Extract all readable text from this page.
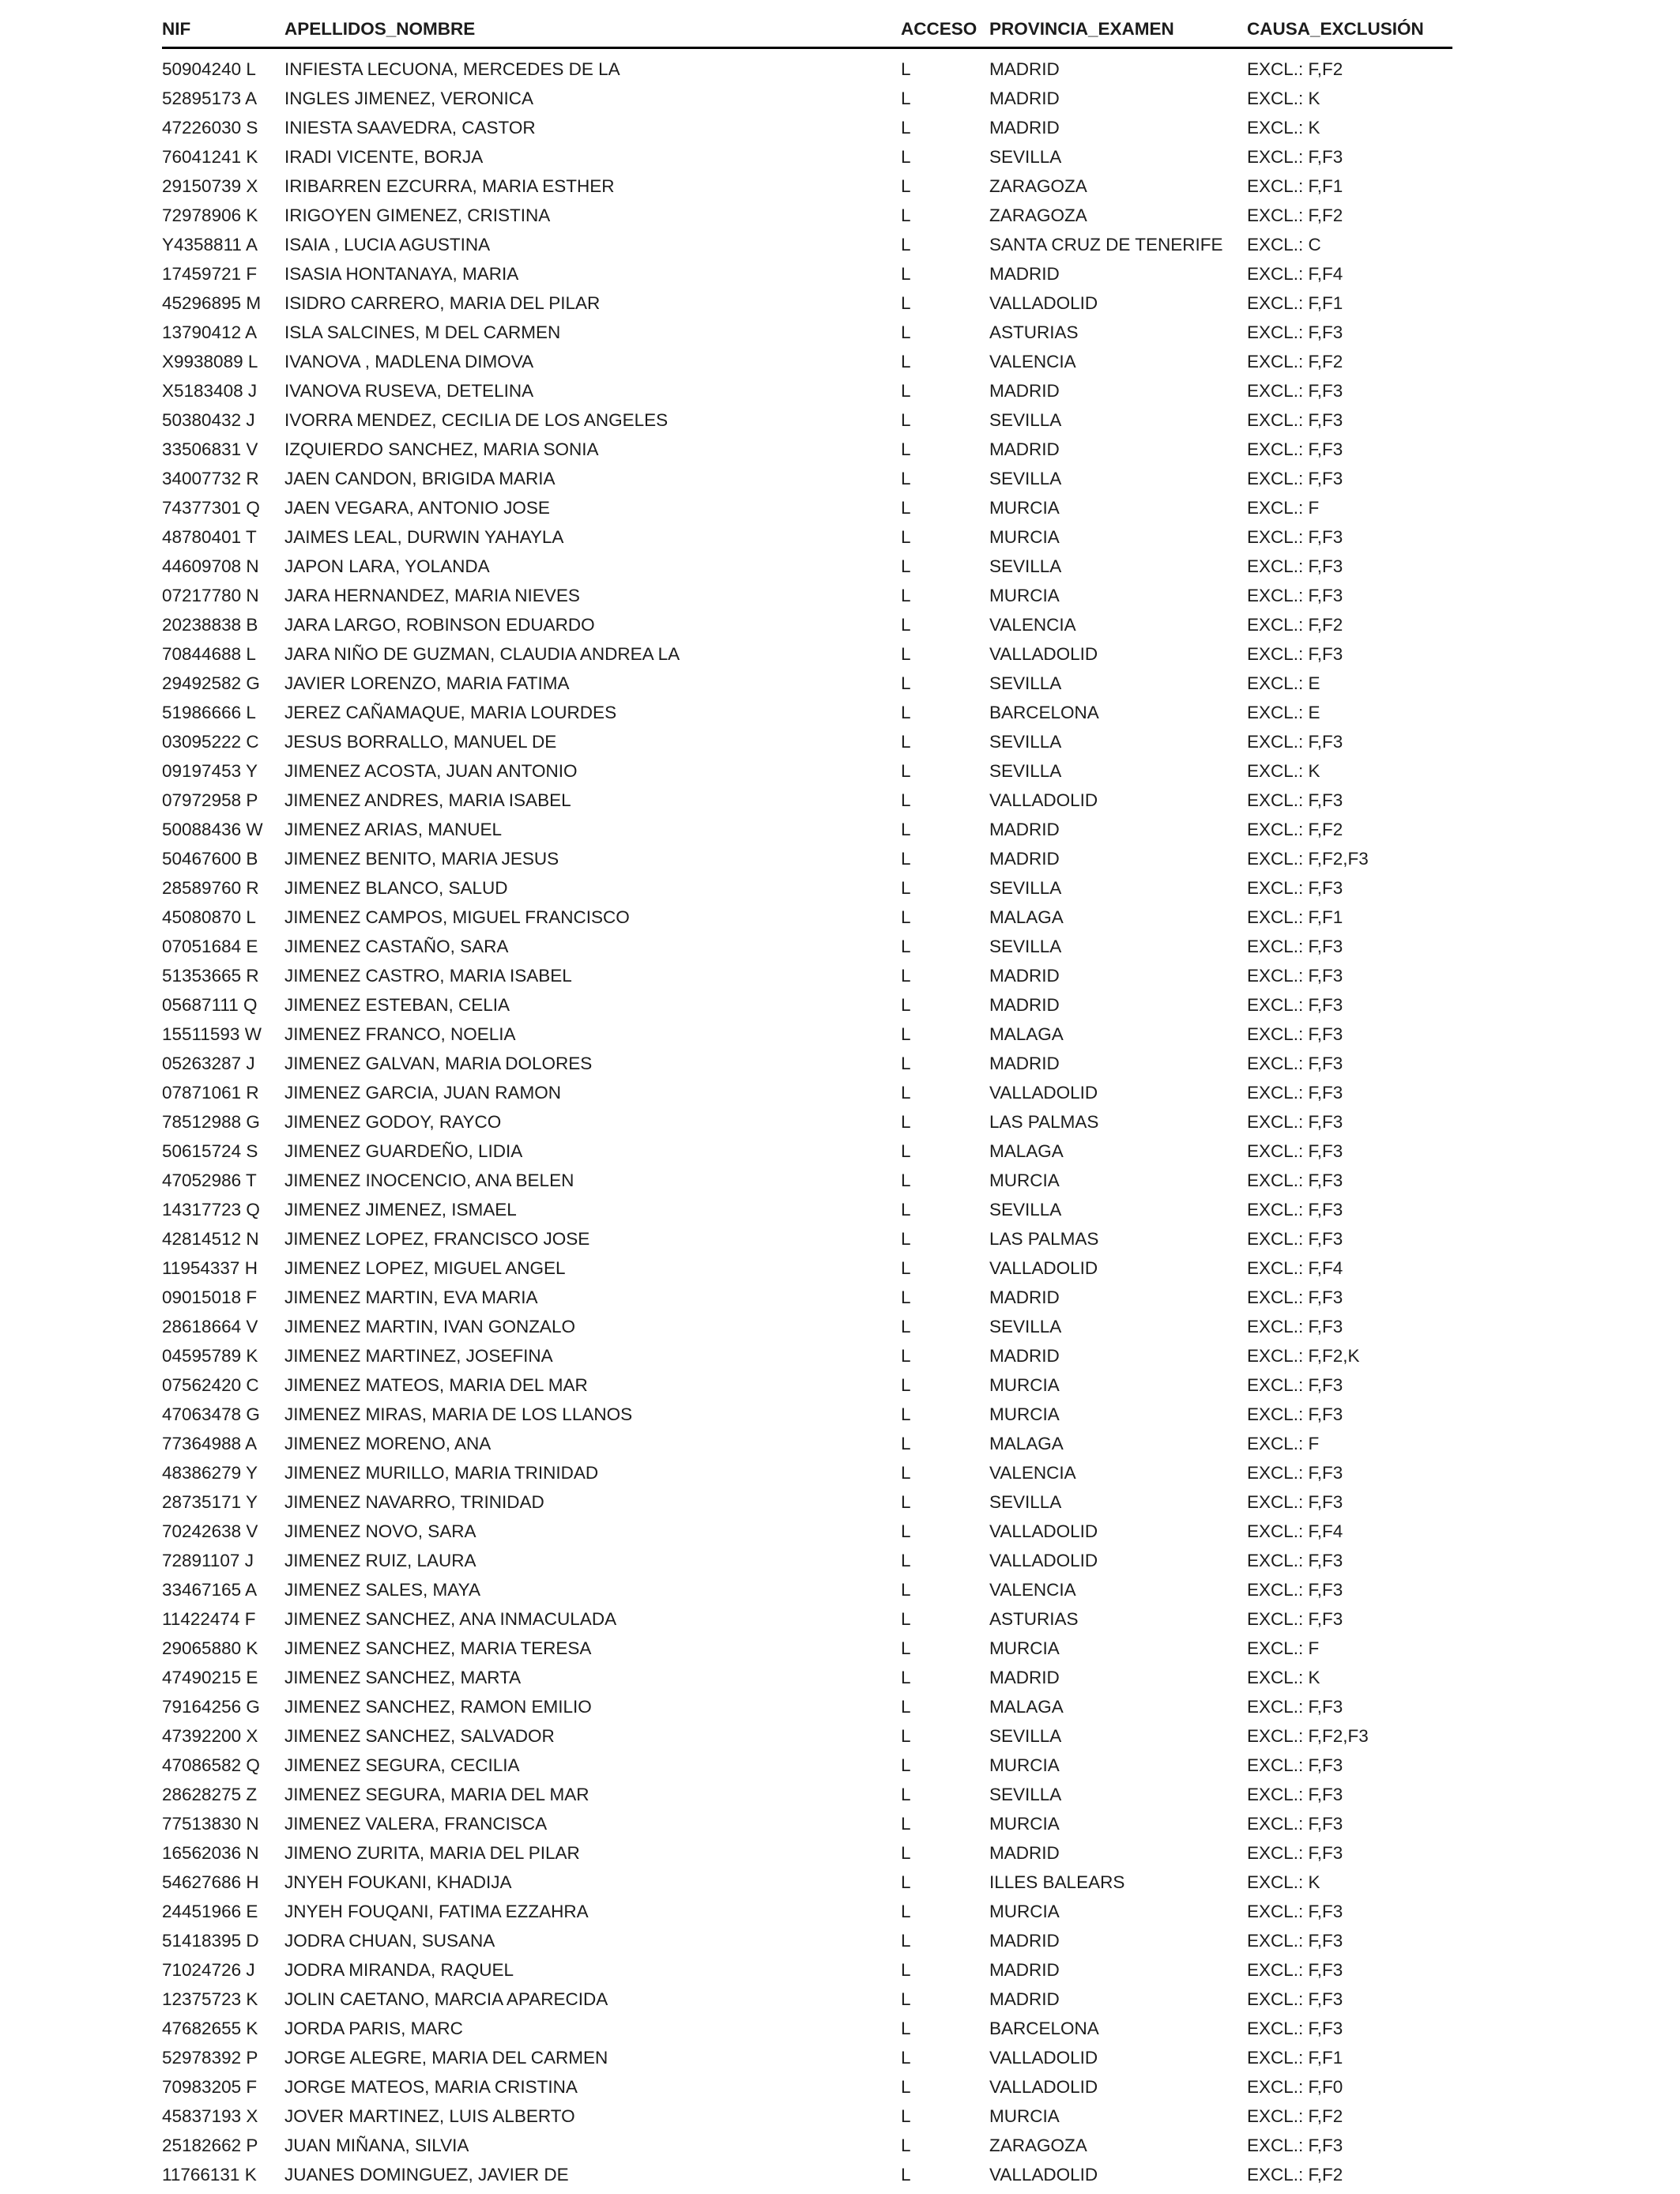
NIF	APELLIDOS_NOMBRE	ACCESO	PROVINCIA_EXAMEN	CAUSA_EXCLUSIÓN
50904240 L	INFIESTA LECUONA, MERCEDES DE LA	L	MADRID	EXCL.: F,F2
52895173 A	INGLES JIMENEZ, VERONICA	L	MADRID	EXCL.: K
47226030 S	INIESTA SAAVEDRA, CASTOR	L	MADRID	EXCL.: K
76041241 K	IRADI VICENTE, BORJA	L	SEVILLA	EXCL.: F,F3
29150739 X	IRIBARREN EZCURRA, MARIA ESTHER	L	ZARAGOZA	EXCL.: F,F1
72978906 K	IRIGOYEN GIMENEZ, CRISTINA	L	ZARAGOZA	EXCL.: F,F2
Y4358811 A	ISAIA , LUCIA AGUSTINA	L	SANTA CRUZ DE TENERIFE	EXCL.: C
17459721 F	ISASIA HONTANAYA, MARIA	L	MADRID	EXCL.: F,F4
45296895 M	ISIDRO CARRERO, MARIA DEL PILAR	L	VALLADOLID	EXCL.: F,F1
13790412 A	ISLA SALCINES, M DEL CARMEN	L	ASTURIAS	EXCL.: F,F3
X9938089 L	IVANOVA , MADLENA DIMOVA	L	VALENCIA	EXCL.: F,F2
X5183408 J	IVANOVA RUSEVA, DETELINA	L	MADRID	EXCL.: F,F3
50380432 J	IVORRA MENDEZ, CECILIA DE LOS ANGELES	L	SEVILLA	EXCL.: F,F3
33506831 V	IZQUIERDO SANCHEZ, MARIA SONIA	L	MADRID	EXCL.: F,F3
34007732 R	JAEN CANDON, BRIGIDA MARIA	L	SEVILLA	EXCL.: F,F3
74377301 Q	JAEN VEGARA, ANTONIO JOSE	L	MURCIA	EXCL.: F
48780401 T	JAIMES LEAL, DURWIN YAHAYLA	L	MURCIA	EXCL.: F,F3
44609708 N	JAPON LARA, YOLANDA	L	SEVILLA	EXCL.: F,F3
07217780 N	JARA HERNANDEZ, MARIA NIEVES	L	MURCIA	EXCL.: F,F3
20238838 B	JARA LARGO, ROBINSON EDUARDO	L	VALENCIA	EXCL.: F,F2
70844688 L	JARA NIÑO DE GUZMAN, CLAUDIA ANDREA LA	L	VALLADOLID	EXCL.: F,F3
29492582 G	JAVIER LORENZO, MARIA FATIMA	L	SEVILLA	EXCL.: E
51986666 L	JEREZ CAÑAMAQUE, MARIA LOURDES	L	BARCELONA	EXCL.: E
03095222 C	JESUS BORRALLO, MANUEL DE	L	SEVILLA	EXCL.: F,F3
09197453 Y	JIMENEZ ACOSTA, JUAN ANTONIO	L	SEVILLA	EXCL.: K
07972958 P	JIMENEZ ANDRES, MARIA ISABEL	L	VALLADOLID	EXCL.: F,F3
50088436 W	JIMENEZ ARIAS, MANUEL	L	MADRID	EXCL.: F,F2
50467600 B	JIMENEZ BENITO, MARIA JESUS	L	MADRID	EXCL.: F,F2,F3
28589760 R	JIMENEZ BLANCO, SALUD	L	SEVILLA	EXCL.: F,F3
45080870 L	JIMENEZ CAMPOS, MIGUEL FRANCISCO	L	MALAGA	EXCL.: F,F1
07051684 E	JIMENEZ CASTAÑO, SARA	L	SEVILLA	EXCL.: F,F3
51353665 R	JIMENEZ CASTRO, MARIA ISABEL	L	MADRID	EXCL.: F,F3
05687111 Q	JIMENEZ ESTEBAN, CELIA	L	MADRID	EXCL.: F,F3
15511593 W	JIMENEZ FRANCO, NOELIA	L	MALAGA	EXCL.: F,F3
05263287 J	JIMENEZ GALVAN, MARIA DOLORES	L	MADRID	EXCL.: F,F3
07871061 R	JIMENEZ GARCIA, JUAN RAMON	L	VALLADOLID	EXCL.: F,F3
78512988 G	JIMENEZ GODOY, RAYCO	L	LAS PALMAS	EXCL.: F,F3
50615724 S	JIMENEZ GUARDEÑO, LIDIA	L	MALAGA	EXCL.: F,F3
47052986 T	JIMENEZ INOCENCIO, ANA BELEN	L	MURCIA	EXCL.: F,F3
14317723 Q	JIMENEZ JIMENEZ, ISMAEL	L	SEVILLA	EXCL.: F,F3
42814512 N	JIMENEZ LOPEZ, FRANCISCO JOSE	L	LAS PALMAS	EXCL.: F,F3
11954337 H	JIMENEZ LOPEZ, MIGUEL ANGEL	L	VALLADOLID	EXCL.: F,F4
09015018 F	JIMENEZ MARTIN, EVA MARIA	L	MADRID	EXCL.: F,F3
28618664 V	JIMENEZ MARTIN, IVAN GONZALO	L	SEVILLA	EXCL.: F,F3
04595789 K	JIMENEZ MARTINEZ, JOSEFINA	L	MADRID	EXCL.: F,F2,K
07562420 C	JIMENEZ MATEOS, MARIA DEL MAR	L	MURCIA	EXCL.: F,F3
47063478 G	JIMENEZ MIRAS, MARIA DE LOS LLANOS	L	MURCIA	EXCL.: F,F3
77364988 A	JIMENEZ MORENO, ANA	L	MALAGA	EXCL.: F
48386279 Y	JIMENEZ MURILLO, MARIA TRINIDAD	L	VALENCIA	EXCL.: F,F3
28735171 Y	JIMENEZ NAVARRO, TRINIDAD	L	SEVILLA	EXCL.: F,F3
70242638 V	JIMENEZ NOVO, SARA	L	VALLADOLID	EXCL.: F,F4
72891107 J	JIMENEZ RUIZ, LAURA	L	VALLADOLID	EXCL.: F,F3
33467165 A	JIMENEZ SALES, MAYA	L	VALENCIA	EXCL.: F,F3
11422474 F	JIMENEZ SANCHEZ, ANA INMACULADA	L	ASTURIAS	EXCL.: F,F3
29065880 K	JIMENEZ SANCHEZ, MARIA TERESA	L	MURCIA	EXCL.: F
47490215 E	JIMENEZ SANCHEZ, MARTA	L	MADRID	EXCL.: K
79164256 G	JIMENEZ SANCHEZ, RAMON EMILIO	L	MALAGA	EXCL.: F,F3
47392200 X	JIMENEZ SANCHEZ, SALVADOR	L	SEVILLA	EXCL.: F,F2,F3
47086582 Q	JIMENEZ SEGURA, CECILIA	L	MURCIA	EXCL.: F,F3
28628275 Z	JIMENEZ SEGURA, MARIA DEL MAR	L	SEVILLA	EXCL.: F,F3
77513830 N	JIMENEZ VALERA, FRANCISCA	L	MURCIA	EXCL.: F,F3
16562036 N	JIMENO ZURITA, MARIA DEL PILAR	L	MADRID	EXCL.: F,F3
54627686 H	JNYEH FOUKANI, KHADIJA	L	ILLES BALEARS	EXCL.: K
24451966 E	JNYEH FOUQANI, FATIMA EZZAHRA	L	MURCIA	EXCL.: F,F3
51418395 D	JODRA CHUAN, SUSANA	L	MADRID	EXCL.: F,F3
71024726 J	JODRA MIRANDA, RAQUEL	L	MADRID	EXCL.: F,F3
12375723 K	JOLIN CAETANO, MARCIA APARECIDA	L	MADRID	EXCL.: F,F3
47682655 K	JORDA PARIS, MARC	L	BARCELONA	EXCL.: F,F3
52978392 P	JORGE ALEGRE, MARIA DEL CARMEN	L	VALLADOLID	EXCL.: F,F1
70983205 F	JORGE MATEOS, MARIA CRISTINA	L	VALLADOLID	EXCL.: F,F0
45837193 X	JOVER MARTINEZ, LUIS ALBERTO	L	MURCIA	EXCL.: F,F2
25182662 P	JUAN MIÑANA, SILVIA	L	ZARAGOZA	EXCL.: F,F3
11766131 K	JUANES DOMINGUEZ, JAVIER DE	L	VALLADOLID	EXCL.: F,F2
